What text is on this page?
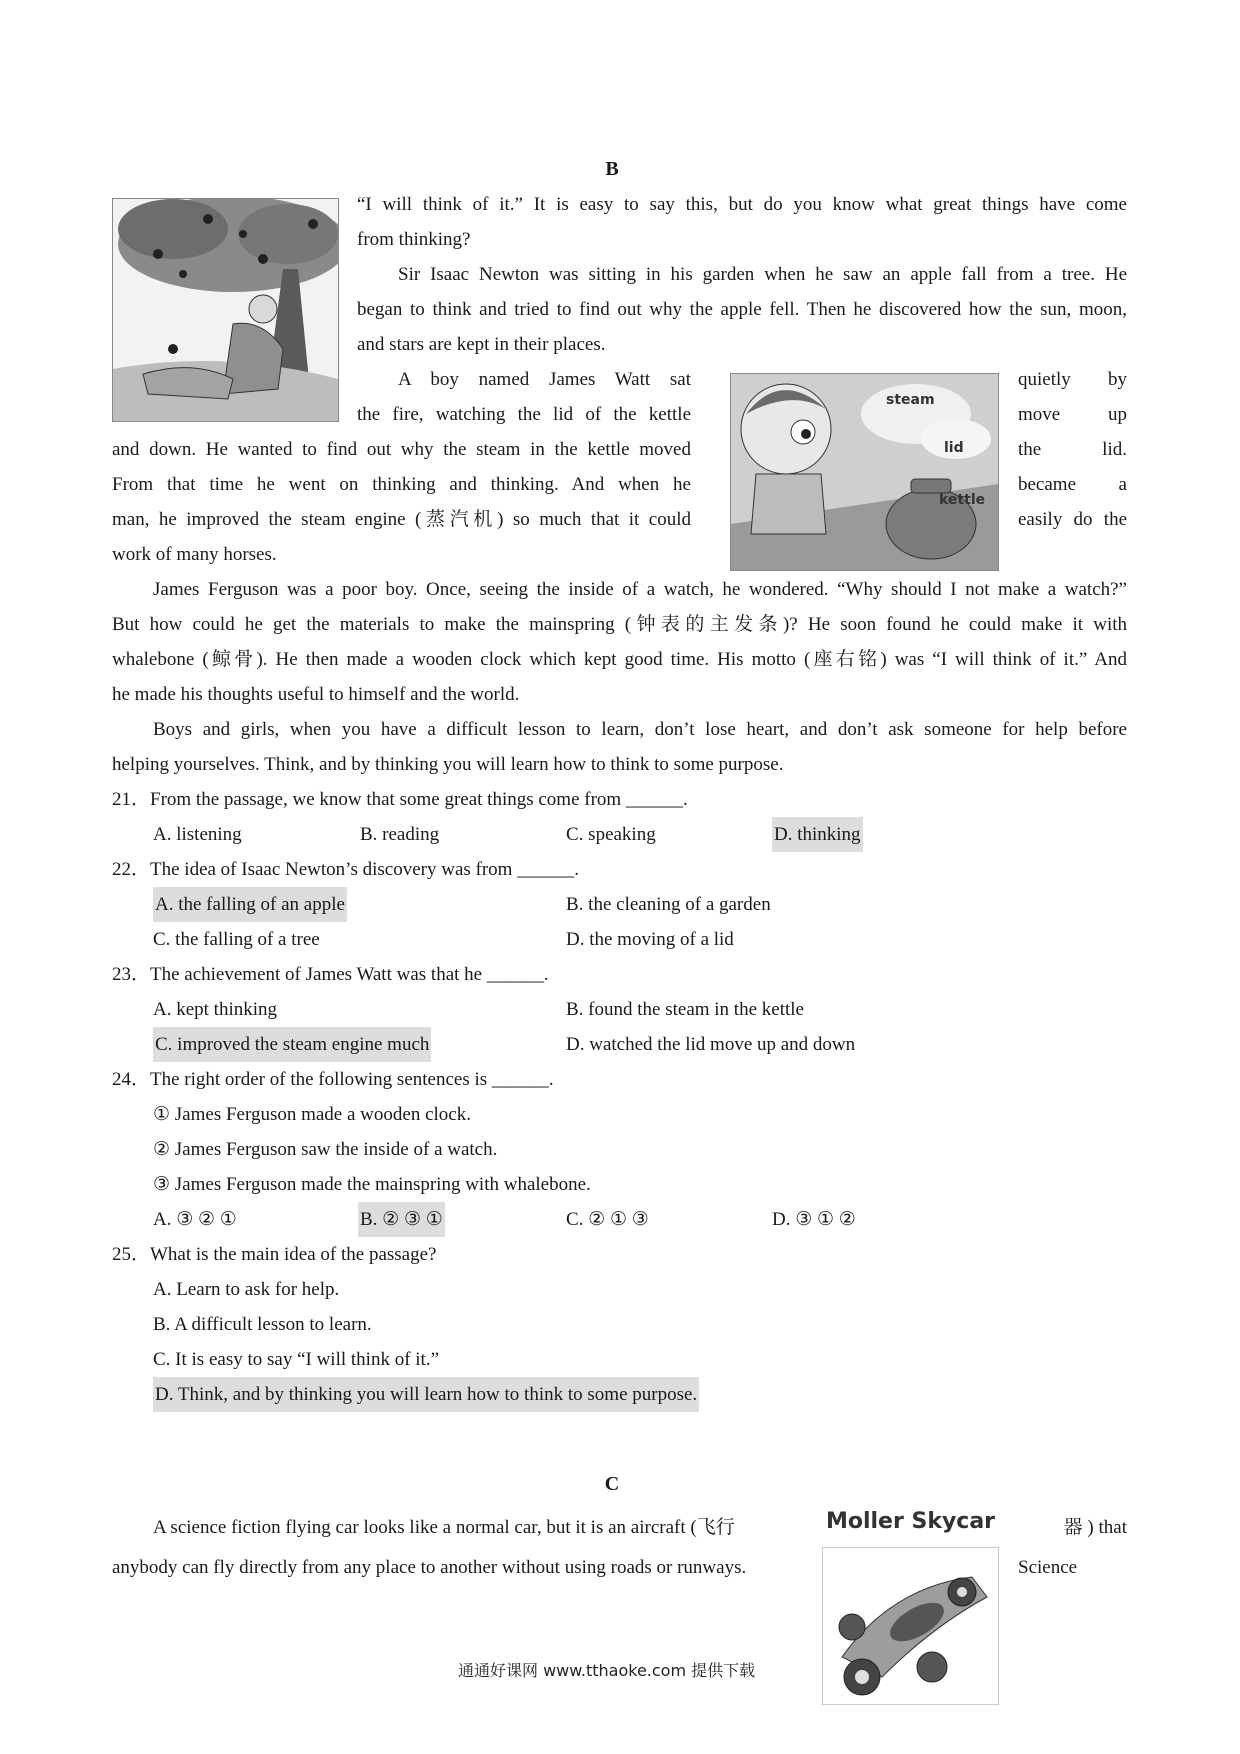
B
“I will think of it.” It is easy to say this, but do you know what great things have come
from thinking?
Sir Isaac Newton was sitting in his garden when he saw an apple fall from a tree. He
began to think and tried to find out why the apple fell. Then he discovered how the sun, moon,
and stars are kept in their places.
A boy named James Watt sat
the fire, watching the lid of the kettle
and down. He wanted to find out why the steam in the kettle moved
From that time he went on thinking and thinking. And when he
man, he improved the steam engine (蒸汽机) so much that it could
work of many horses.
steam
lid
kettle
quietly by
move up
the lid.
became a
easily do the
James Ferguson was a poor boy. Once, seeing the inside of a watch, he wondered. “Why should I not make a watch?”
But how could he get the materials to make the mainspring (钟表的主发条)? He soon found he could make it with
whalebone (鲸骨). He then made a wooden clock which kept good time. His motto (座右铭) was “I will think of it.” And
he made his thoughts useful to himself and the world.
Boys and girls, when you have a difficult lesson to learn, don’t lose heart, and don’t ask someone for help before
helping yourselves. Think, and by thinking you will learn how to think to some purpose.
21．From the passage, we know that some great things come from ______.
A. listening	B. reading	C. speaking	D. thinking
22．The idea of Isaac Newton’s discovery was from ______.
A. the falling of an apple	B. the cleaning of a garden
C. the falling of a tree	D. the moving of a lid
23．The achievement of James Watt was that he ______.
A. kept thinking	B. found the steam in the kettle
C. improved the steam engine much	D. watched the lid move up and down
24．The right order of the following sentences is ______.
① James Ferguson made a wooden clock.
② James Ferguson saw the inside of a watch.
③ James Ferguson made the mainspring with whalebone.
A. ③ ② ①	B. ② ③ ①	C. ② ① ③	D. ③ ① ②
25．What is the main idea of the passage?
A. Learn to ask for help.
B. A difficult lesson to learn.
C. It is easy to say “I will think of it.”
D. Think, and by thinking you will learn how to think to some purpose.
C
A science fiction flying car looks like a normal car, but it is an aircraft (飞行	器 ) that
anybody can fly directly from any place to another without using roads or runways.	Science
Moller Skycar
通通好课网 www.tthaoke.com 提供下载
